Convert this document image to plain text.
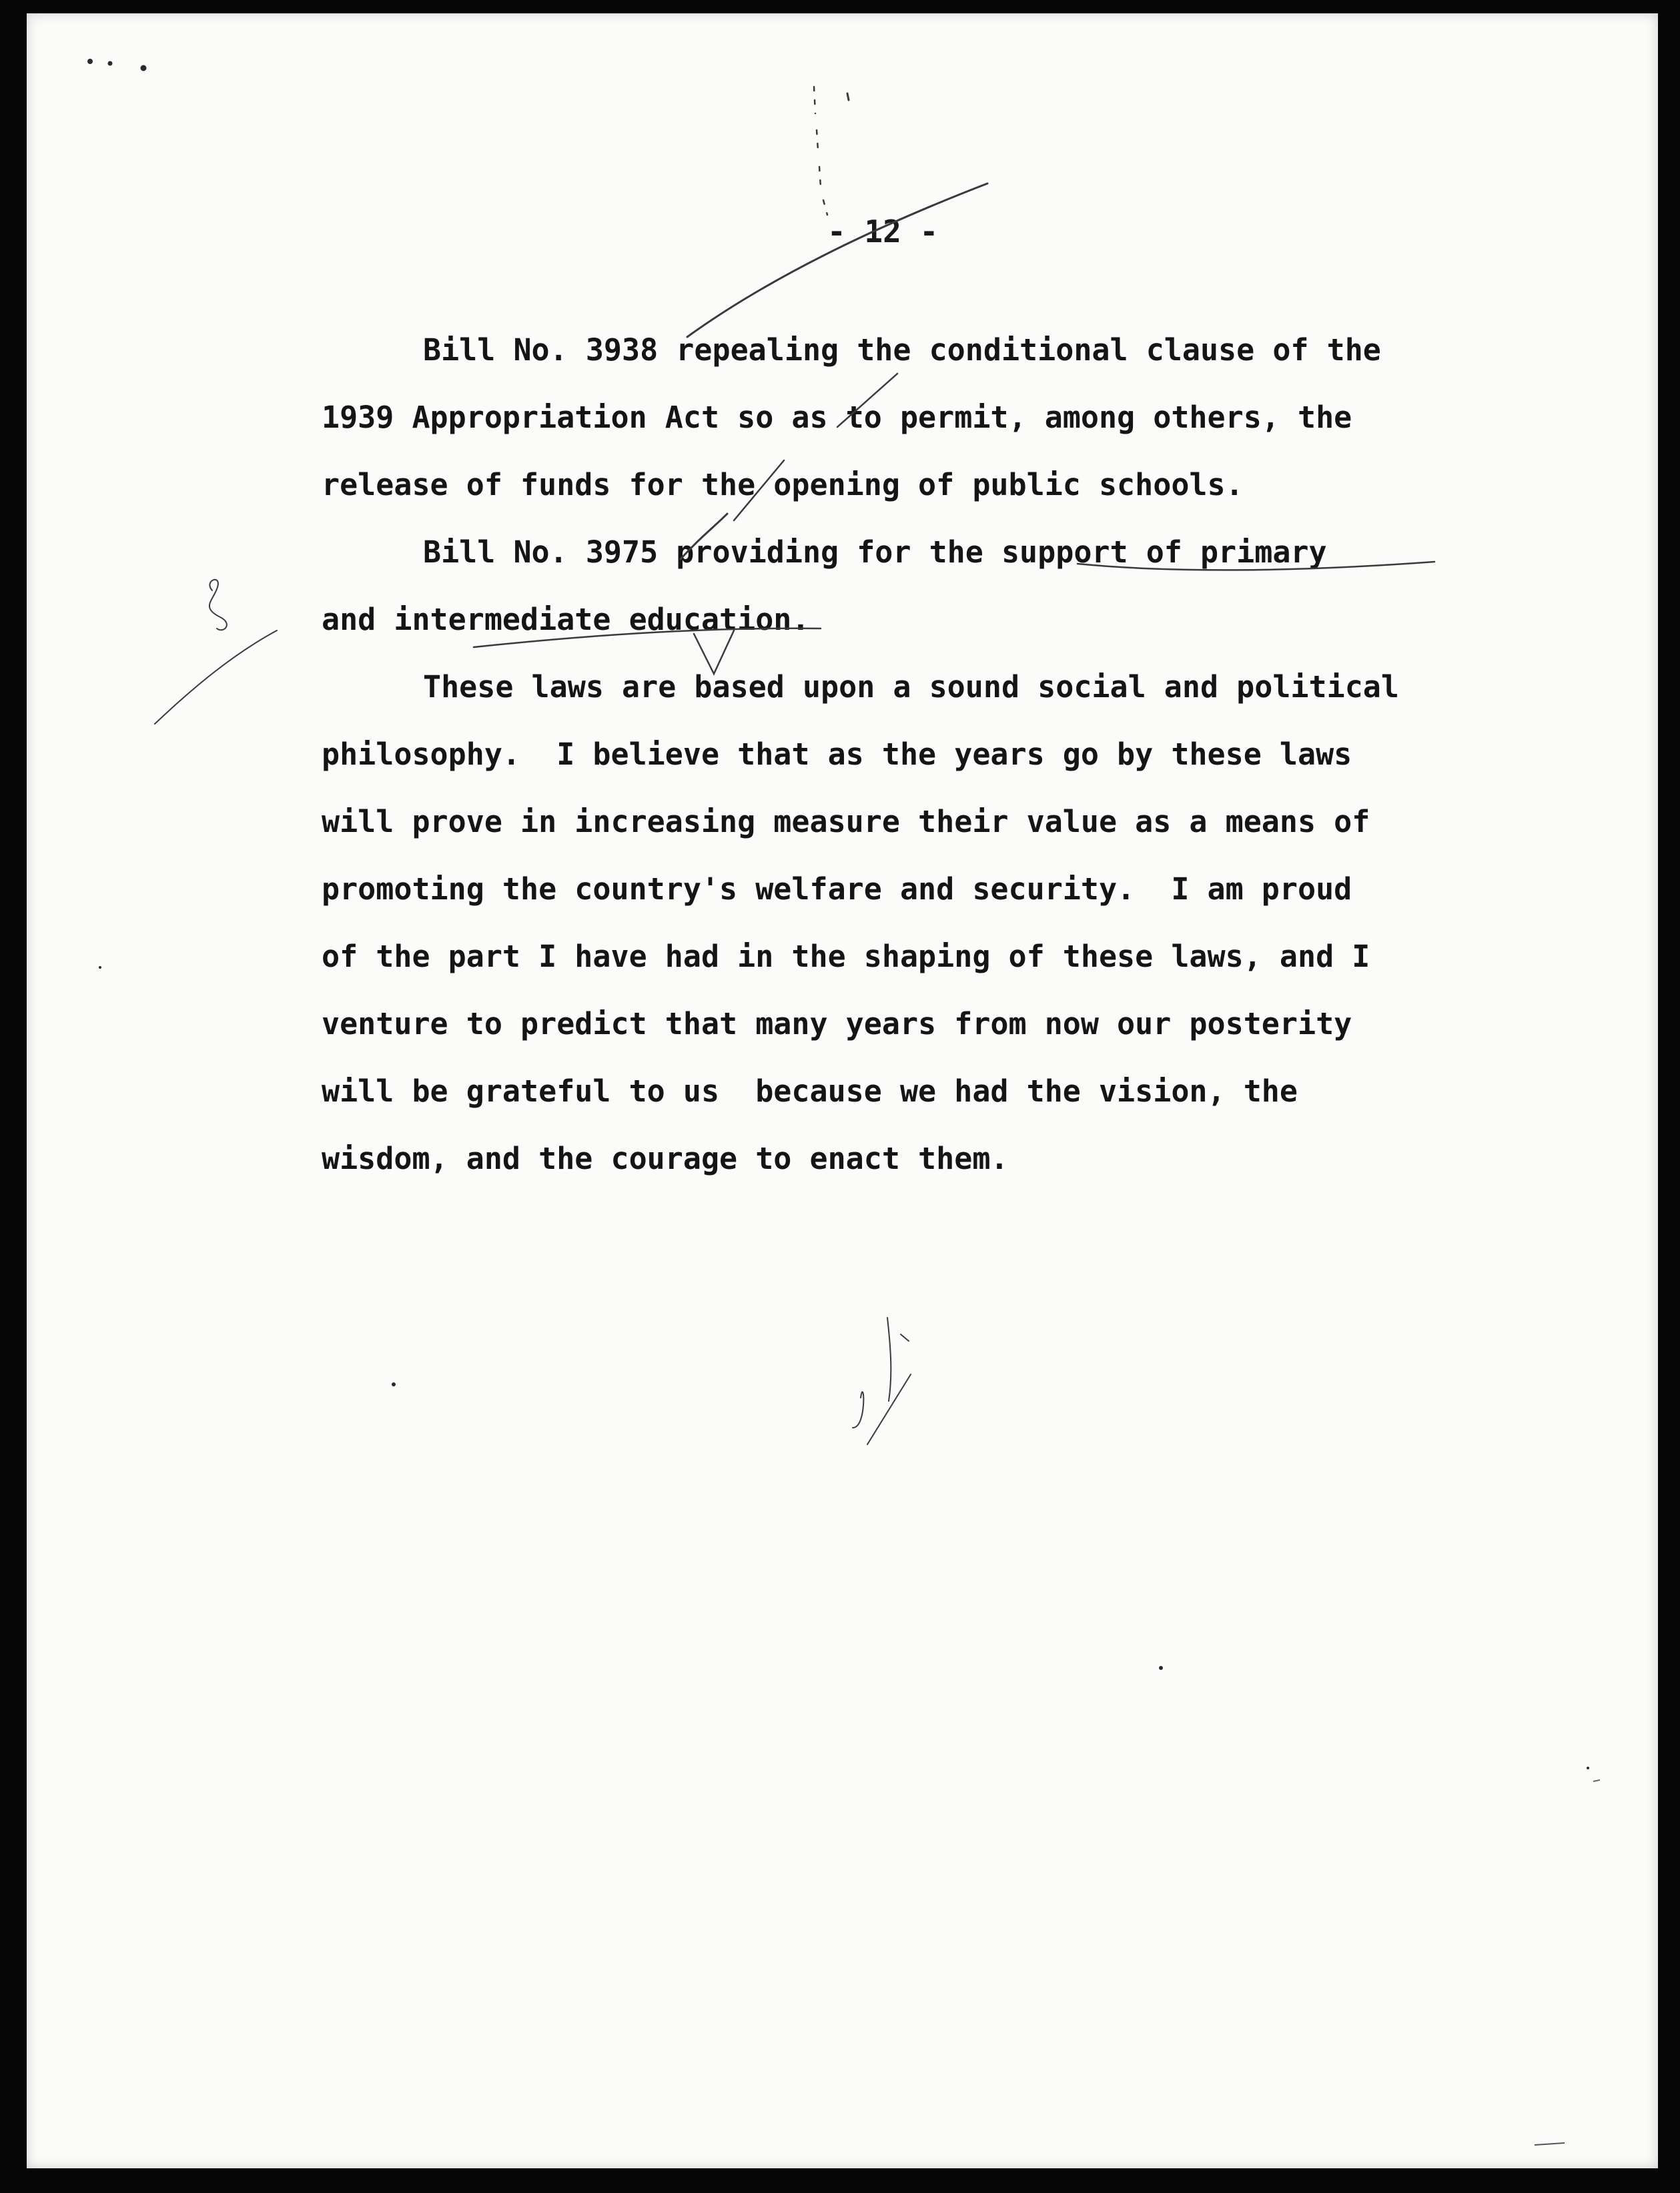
- 12 -
Bill No. 3938 repealing the conditional clause of the
1939 Appropriation Act so as to permit, among others, the
release of funds for the opening of public schools.
Bill No. 3975 providing for the support of primary
and intermediate education.
These laws are based upon a sound social and political
philosophy.  I believe that as the years go by these laws
will prove in increasing measure their value as a means of
promoting the country's welfare and security.  I am proud
of the part I have had in the shaping of these laws, and I
venture to predict that many years from now our posterity
will be grateful to us  because we had the vision, the
wisdom, and the courage to enact them.
